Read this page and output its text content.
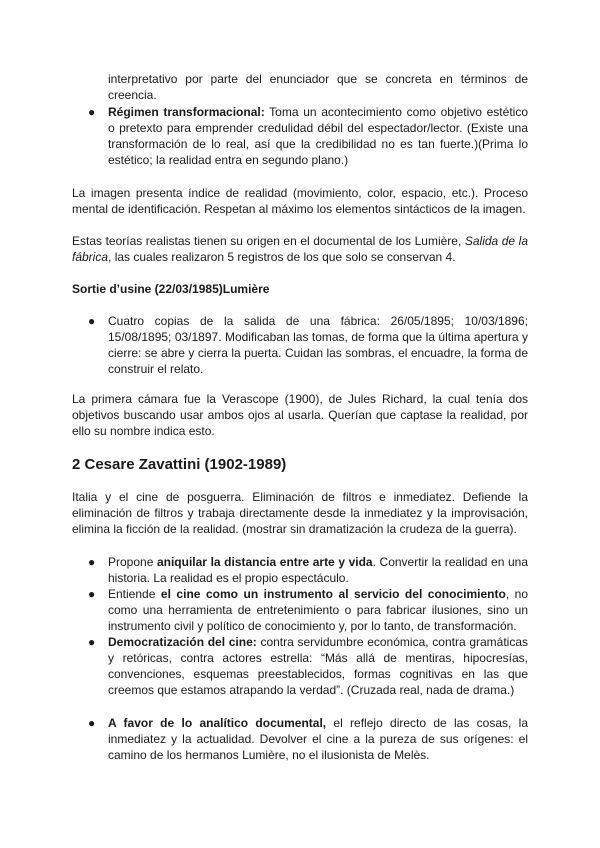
interpretativo por parte del enunciador que se concreta en términos de creencia.

● Régimen transformacional: Toma un acontecimiento como objetivo estético o pretexto para emprender credulidad débil del espectador/lector. (Existe una transformación de lo real, así que la credibilidad no es tan fuerte.)(Prima lo estético; la realidad entra en segundo plano.)

La imagen presenta índice de realidad (movimiento, color, espacio, etc.). Proceso mental de identificación. Respetan al máximo los elementos sintácticos de la imagen.

Estas teorías realistas tienen su origen en el documental de los Lumière, Salida de la fábrica, las cuales realizaron 5 registros de los que solo se conservan 4.

Sortie d’usine (22/03/1985)Lumière
● Cuatro copias de la salida de una fábrica: 26/05/1895; 10/03/1896; 15/08/1895; 03/1897. Modificaban las tomas, de forma que la última apertura y cierre: se abre y cierra la puerta. Cuidan las sombras, el encuadre, la forma de construir el relato.

La primera cámara fue la Verascope (1900), de Jules Richard, la cual tenía dos objetivos buscando usar ambos ojos al usarla. Querían que captase la realidad, por ello su nombre indica esto.

2 Cesare Zavattini (1902-1989)

Italia y el cine de posguerra. Eliminación de filtros e inmediatez. Defiende la eliminación de filtros y trabaja directamente desde la inmediatez y la improvisación, elimina la ficción de la realidad. (mostrar sin dramatización la crudeza de la guerra).

● Propone aniquilar la distancia entre arte y vida. Convertir la realidad en una historia. La realidad es el propio espectáculo.

● Entiende el cine como un instrumento al servicio del conocimiento, no como una herramienta de entretenimiento o para fabricar ilusiones, sino un instrumento civil y político de conocimiento y, por lo tanto, de transformación.

● Democratización del cine: contra servidumbre económica, contra gramáticas y retóricas, contra actores estrella: “Más allá de mentiras, hipocresías, convenciones, esquemas preestablecidos, formas cognitivas en las que creemos que estamos atrapando la verdad”. (Cruzada real, nada de drama.)

● A favor de lo analítico documental, el reflejo directo de las cosas, la inmediatez y la actualidad. Devolver el cine a la pureza de sus orígenes: el camino de los hermanos Lumière, no el ilusionista de Melès.
